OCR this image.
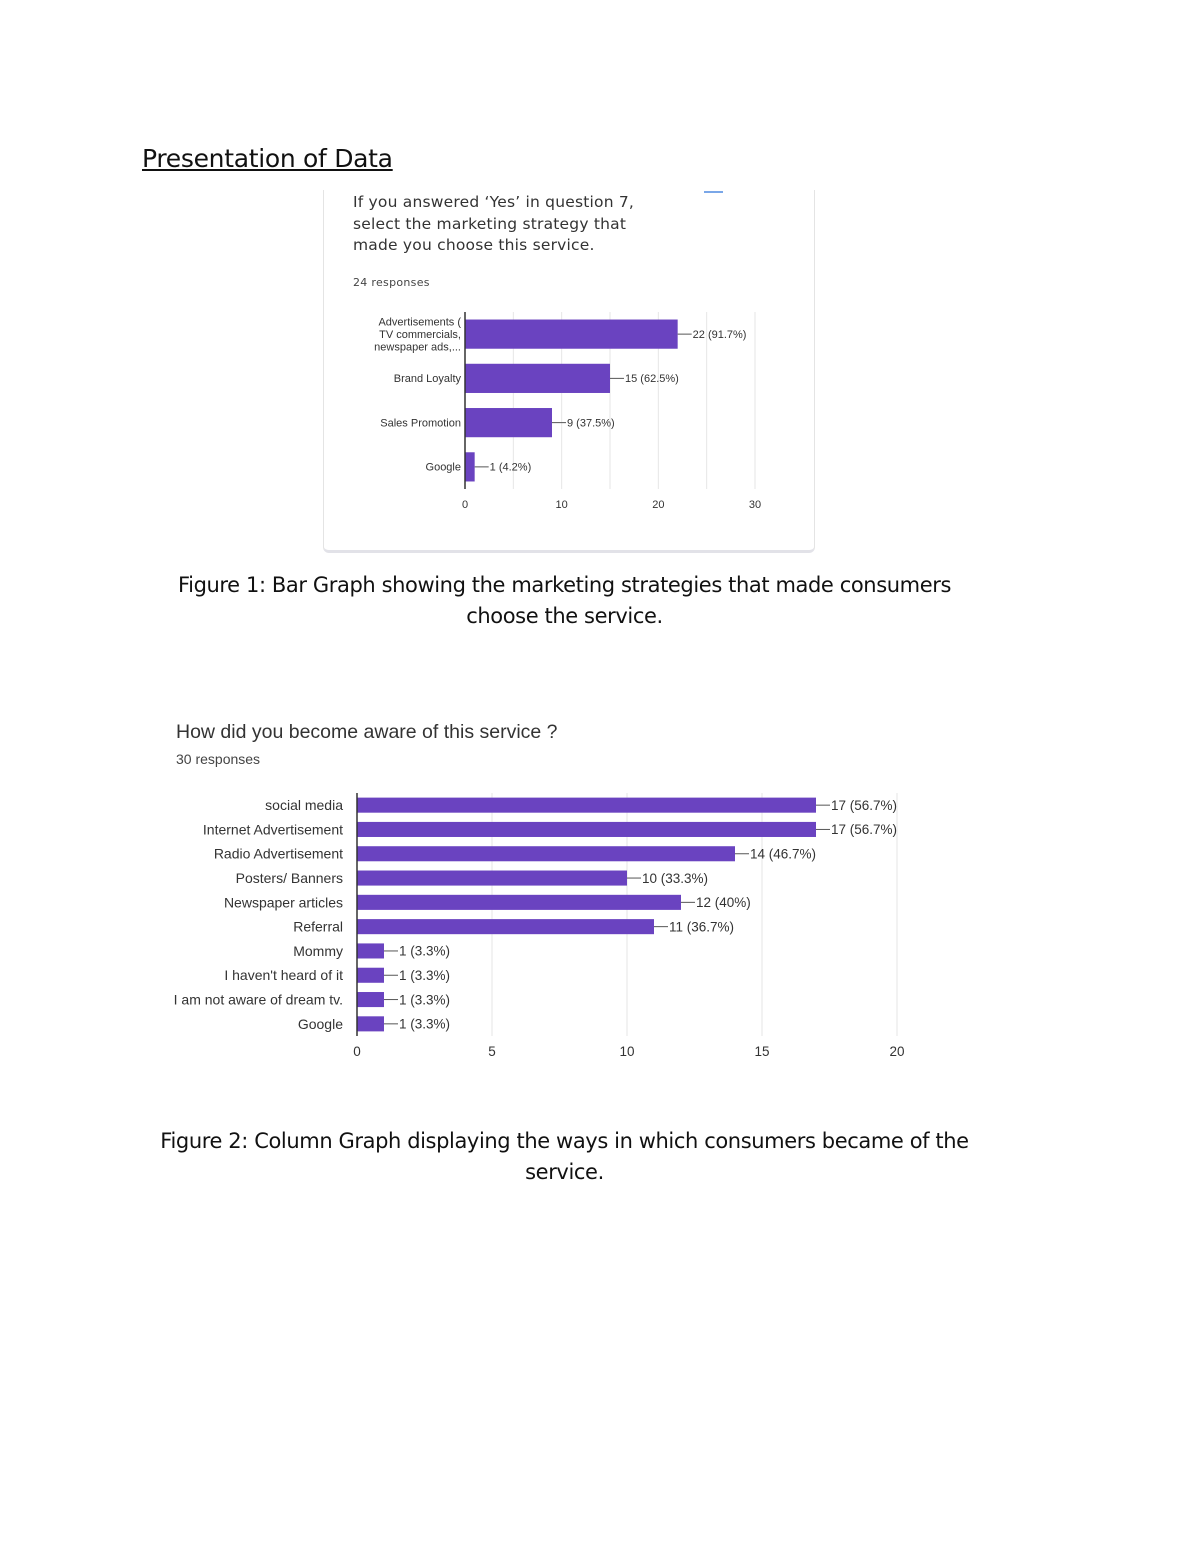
Presentation of Data
If you answered ‘Yes’ in question 7, select the marketing strategy that made you choose this service.
24 responses
0	10	20	30
22 (91.7%)
Advertisements (
TV commercials,
newspaper ads,...
15 (62.5%)
Brand Loyalty
9 (37.5%)
Sales Promotion
1 (4.2%)
Google
Figure 1: Bar Graph showing the marketing strategies that made consumers choose the service.
How did you become aware of this service ?
30 responses
0	5	10	15	20
17 (56.7%)
social media
17 (56.7%)
Internet Advertisement
14 (46.7%)
Radio Advertisement
10 (33.3%)
Posters/ Banners
12 (40%)
Newspaper articles
11 (36.7%)
Referral
1 (3.3%)
Mommy
1 (3.3%)
I haven't heard of it
1 (3.3%)
I am not aware of dream tv.
1 (3.3%)
Google
Figure 2: Column Graph displaying the ways in which consumers became of the service.
